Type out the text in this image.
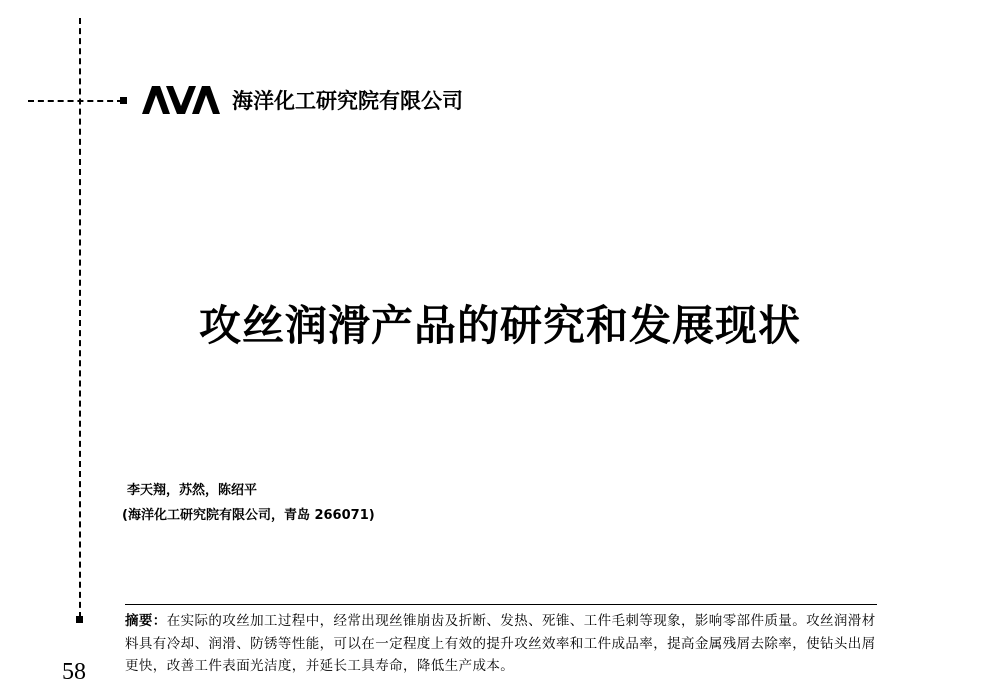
海洋化工研究院有限公司
攻丝润滑产品的研究和发展现状
李天翔，苏然，陈绍平
(海洋化工研究院有限公司，青岛 266071)
摘要：在实际的攻丝加工过程中，经常出现丝锥崩齿及折断、发热、死锥、工件毛刺等现象，影响零部件质量。攻丝润滑材料具有冷却、润滑、防锈等性能，可以在一定程度上有效的提升攻丝效率和工件成品率，提高金属残屑去除率，使钻头出屑更快，改善工件表面光洁度，并延长工具寿命，降低生产成本。
58
